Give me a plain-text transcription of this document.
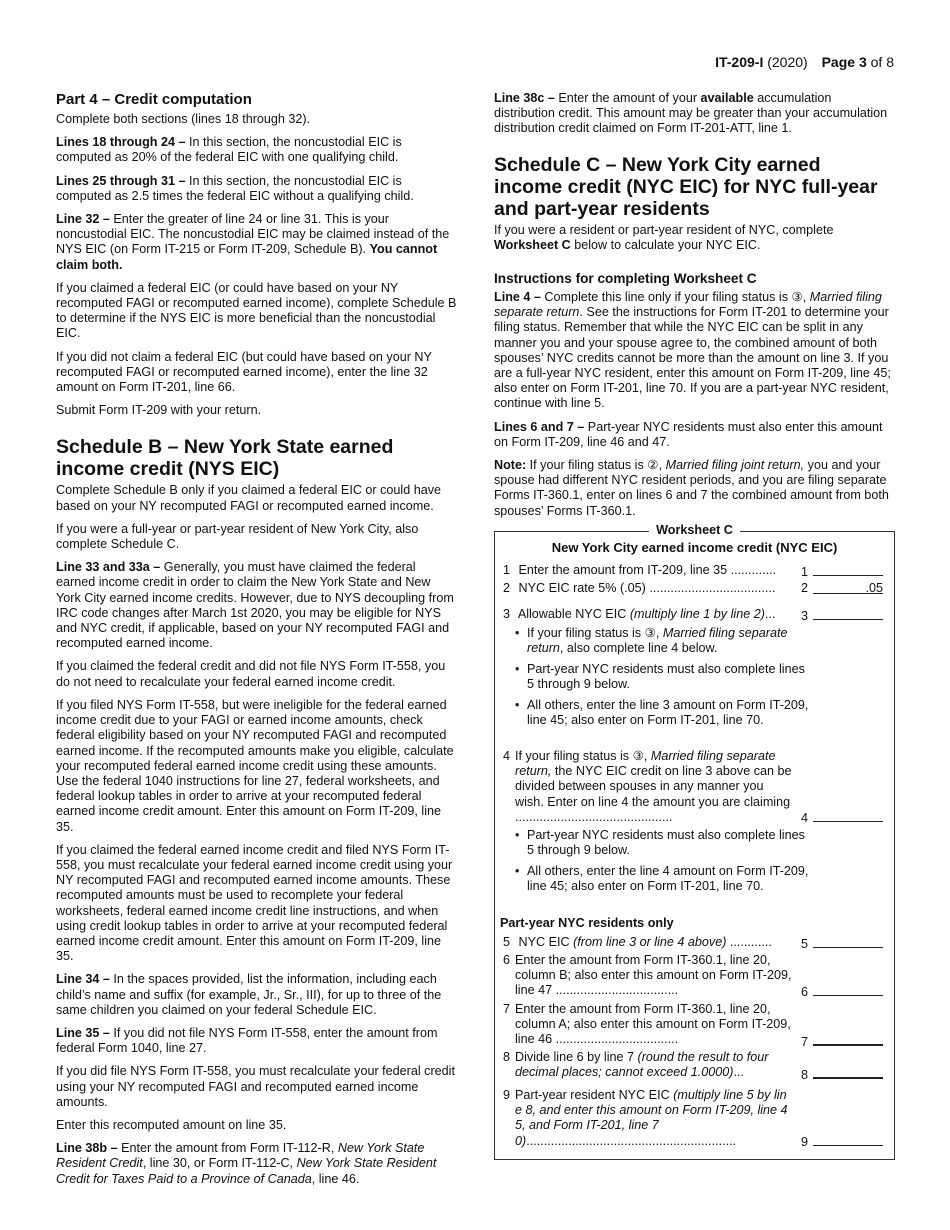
IT-209-I (2020) Page 3 of 8
Part 4 – Credit computation

Complete both sections (lines 18 through 32).

Lines 18 through 24 – In this section, the noncustodial EIC is computed as 20% of the federal EIC with one qualifying child.

Lines 25 through 31 – In this section, the noncustodial EIC is computed as 2.5 times the federal EIC without a qualifying child.

Line 32 – Enter the greater of line 24 or line 31. This is your noncustodial EIC. The noncustodial EIC may be claimed instead of the NYS EIC (on Form IT-215 or Form IT-209, Schedule B). You cannot claim both.

If you claimed a federal EIC (or could have based on your NY recomputed FAGI or recomputed earned income), complete Schedule B to determine if the NYS EIC is more beneficial than the noncustodial EIC.

If you did not claim a federal EIC (but could have based on your NY recomputed FAGI or recomputed earned income), enter the line 32 amount on Form IT-201, line 66.

Submit Form IT-209 with your return.

Schedule B – New York State earned income credit (NYS EIC)

Complete Schedule B only if you claimed a federal EIC or could have based on your NY recomputed FAGI or recomputed earned income.

If you were a full-year or part-year resident of New York City, also complete Schedule C.

Line 33 and 33a – Generally, you must have claimed the federal earned income credit in order to claim the New York State and New York City earned income credits. However, due to NYS decoupling from IRC code changes after March 1st 2020, you may be eligible for NYS and NYC credit, if applicable, based on your NY recomputed FAGI and recomputed earned income.

If you claimed the federal credit and did not file NYS Form IT-558, you do not need to recalculate your federal earned income credit.

If you filed NYS Form IT-558, but were ineligible for the federal earned income credit due to your FAGI or earned income amounts, check federal eligibility based on your NY recomputed FAGI and recomputed earned income. If the recomputed amounts make you eligible, calculate your recomputed federal earned income credit using these amounts. Use the federal 1040 instructions for line 27, federal worksheets, and federal lookup tables in order to arrive at your recomputed federal earned income credit amount. Enter this amount on Form IT-209, line 35.

If you claimed the federal earned income credit and filed NYS Form IT-558, you must recalculate your federal earned income credit using your NY recomputed FAGI and recomputed earned income amounts. These recomputed amounts must be used to recomplete your federal worksheets, federal earned income credit line instructions, and when using credit lookup tables in order to arrive at your recomputed federal earned income credit amount. Enter this amount on Form IT-209, line 35.

Line 34 – In the spaces provided, list the information, including each child’s name and suffix (for example, Jr., Sr., III), for up to three of the same children you claimed on your federal Schedule EIC.

Line 35 – If you did not file NYS Form IT-558, enter the amount from federal Form 1040, line 27.

If you did file NYS Form IT-558, you must recalculate your federal credit using your NY recomputed FAGI and recomputed earned income amounts.

Enter this recomputed amount on line 35.

Line 38b – Enter the amount from Form IT-112-R, New York State Resident Credit, line 30, or Form IT-112-C, New York State Resident Credit for Taxes Paid to a Province of Canada, line 46.

Line 38c – Enter the amount of your available accumulation distribution credit. This amount may be greater than your accumulation distribution credit claimed on Form IT-201-ATT, line 1.

Schedule C – New York City earned income credit (NYC EIC) for NYC full-year and part-year residents

If you were a resident or part-year resident of NYC, complete Worksheet C below to calculate your NYC EIC.

Instructions for completing Worksheet C

Line 4 – Complete this line only if your filing status is ③, Married filing separate return. See the instructions for Form IT-201 to determine your filing status. Remember that while the NYC EIC can be split in any manner you and your spouse agree to, the combined amount of both spouses’ NYC credits cannot be more than the amount on line 3. If you are a full-year NYC resident, enter this amount on Form IT-209, line 45; also enter on Form IT-201, line 70. If you are a part-year NYC resident, continue with line 5.

Lines 6 and 7 – Part-year NYC residents must also enter this amount on Form IT-209, line 46 and 47.

Note: If your filing status is ②, Married filing joint return, you and your spouse had different NYC resident periods, and you are filing separate Forms IT-360.1, enter on lines 6 and 7 the combined amount from both spouses’ Forms IT-360.1.

Worksheet C
New York City earned income credit (NYC EIC)
1 Enter the amount from IT-209, line 35 .............	1
2 NYC EIC rate 5% (.05) ....................................	2	.05
3 Allowable NYC EIC (multiply line 1 by line 2)...	3
• If your filing status is ③, Married filing separate return, also complete line 4 below.
• Part-year NYC residents must also complete lines 5 through 9 below.
• All others, enter the line 3 amount on Form IT-209, line 45; also enter on Form IT-201, line 70.
4 If your filing status is ③, Married filing separate return, the NYC EIC credit on line 3 above can be divided between spouses in any manner you wish. Enter on line 4 the amount you are claiming .............................................	4
• Part-year NYC residents must also complete lines 5 through 9 below.
• All others, enter the line 4 amount on Form IT-209, line 45; also enter on Form IT-201, line 70.
Part-year NYC residents only
5 NYC EIC (from line 3 or line 4 above) ............	5
6 Enter the amount from Form IT-360.1, line 20, column B; also enter this amount on Form IT-209, line 47 ...................................	6
7 Enter the amount from Form IT-360.1, line 20, column A; also enter this amount on Form IT-209, line 46 ...................................	7
8 Divide line 6 by line 7 (round the result to four decimal places; cannot exceed 1.0000)...	8
9 Part-year resident NYC EIC (multiply line 5 by line 8, and enter this amount on Form IT-209, line 45, and Form IT-201, line 70)............................................................	9
